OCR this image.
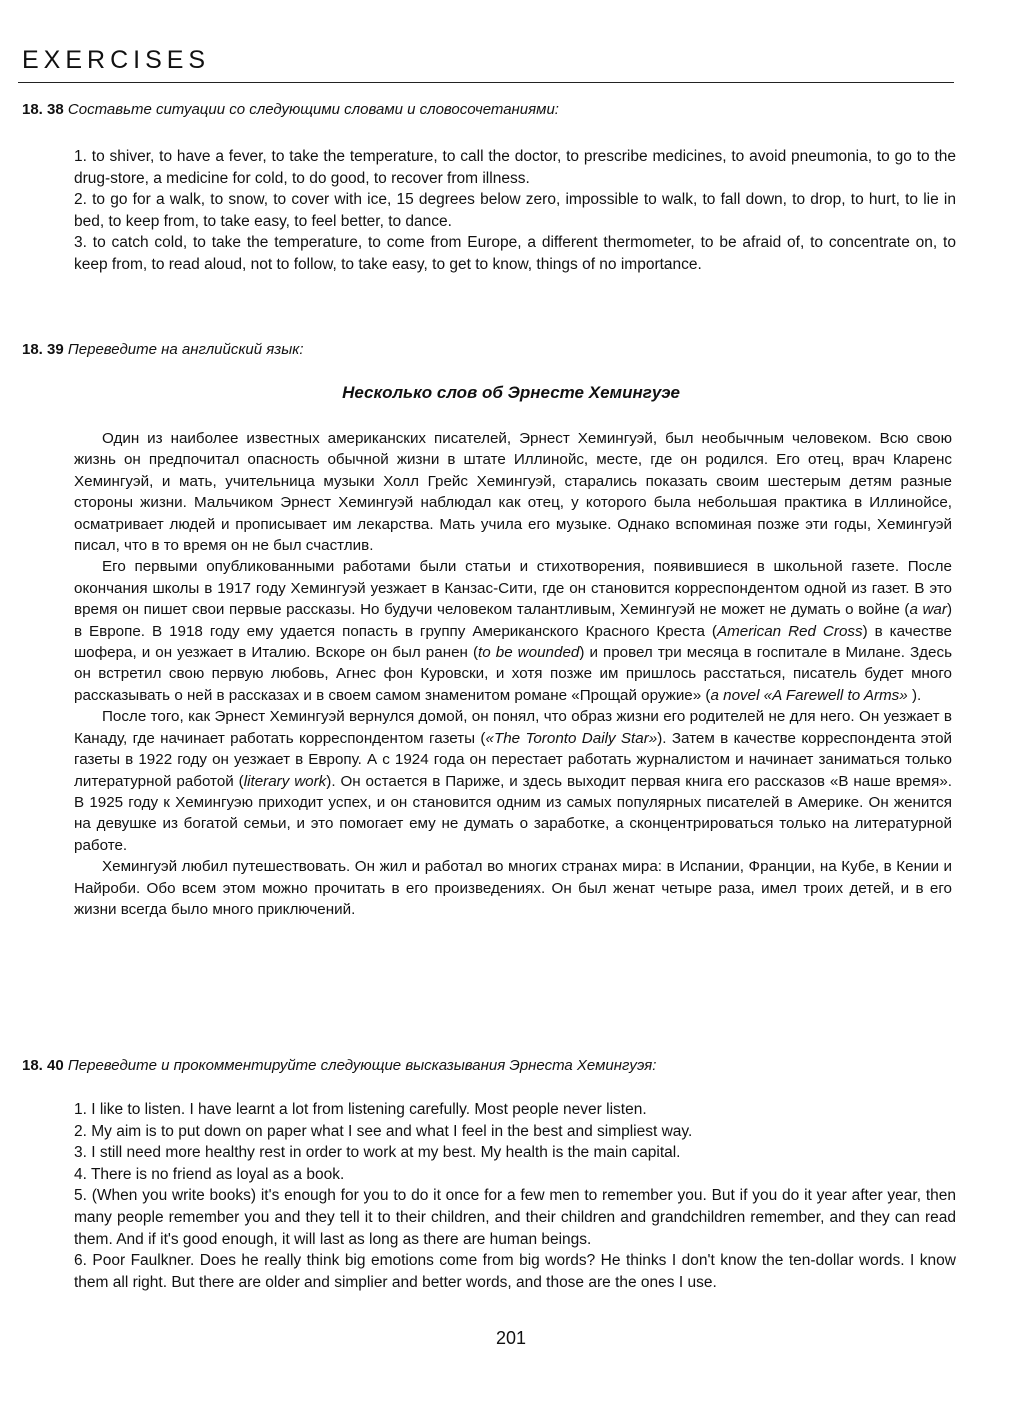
EXERCISES
18. 38 Составьте ситуации со следующими словами и словосочетаниями:

1. to shiver, to have a fever, to take the temperature, to call the doctor, to prescribe medicines, to avoid pneumonia, to go to the drug-store, a medicine for cold, to do good, to recover from illness.

2. to go for a walk, to snow, to cover with ice, 15 degrees below zero, impossible to walk, to fall down, to drop, to hurt, to lie in bed, to keep from, to take easy, to feel better, to dance.

3. to catch cold, to take the temperature, to come from Europe, a different thermometer, to be afraid of, to concentrate on, to keep from, to read aloud, not to follow, to take easy, to get to know, things of no importance.

18. 39 Переведите на английский язык:
Несколько слов об Эрнесте Хемингуэе

Один из наиболее известных американских писателей, Эрнест Хемингуэй, был необычным человеком. Всю свою жизнь он предпочитал опасность обычной жизни в штате Иллинойс, месте, где он родился. Его отец, врач Кларенс Хемингуэй, и мать, учительница музыки Холл Грейс Хемингуэй, старались показать своим шестерым детям разные стороны жизни. Мальчиком Эрнест Хемингуэй наблюдал как отец, у которого была небольшая практика в Иллинойсе, осматривает людей и прописывает им лекарства. Мать учила его музыке. Однако вспоминая позже эти годы, Хемингуэй писал, что в то время он не был счастлив.

Его первыми опубликованными работами были статьи и стихотворения, появившиеся в школьной газете. После окончания школы в 1917 году Хемингуэй уезжает в Канзас-Сити, где он становится корреспондентом одной из газет. В это время он пишет свои первые рассказы. Но будучи человеком талантливым, Хемингуэй не может не думать о войне (a war) в Европе. В 1918 году ему удается попасть в группу Американского Красного Креста (American Red Cross) в качестве шофера, и он уезжает в Италию. Вскоре он был ранен (to be wounded) и провел три месяца в госпитале в Милане. Здесь он встретил свою первую любовь, Агнес фон Куровски, и хотя позже им пришлось расстаться, писатель будет много рассказывать о ней в рассказах и в своем самом знаменитом романе «Прощай оружие» (a novel «A Farewell to Arms» ).

После того, как Эрнест Хемингуэй вернулся домой, он понял, что образ жизни его родителей не для него. Он уезжает в Канаду, где начинает работать корреспондентом газеты («The Toronto Daily Star»). Затем в качестве корреспондента этой газеты в 1922 году он уезжает в Европу. А с 1924 года он перестает работать журналистом и начинает заниматься только литературной работой (literary work). Он остается в Париже, и здесь выходит первая книга его рассказов «В наше время». В 1925 году к Хемингуэю приходит успех, и он становится одним из самых популярных писателей в Америке. Он женится на девушке из богатой семьи, и это помогает ему не думать о заработке, а сконцентрироваться только на литературной работе.

Хемингуэй любил путешествовать. Он жил и работал во многих странах мира: в Испании, Франции, на Кубе, в Кении и Найроби. Обо всем этом можно прочитать в его произведениях. Он был женат четыре раза, имел троих детей, и в его жизни всегда было много приключений.

18. 40 Переведите и прокомментируйте следующие высказывания Эрнеста Хемингуэя:

1. I like to listen. I have learnt a lot from listening carefully. Most people never listen.

2. My aim is to put down on paper what I see and what I feel in the best and simpliest way.

3. I still need more healthy rest in order to work at my best. My health is the main capital.

4. There is no friend as loyal as a book.

5. (When you write books) it's enough for you to do it once for a few men to remember you. But if you do it year after year, then many people remember you and they tell it to their children, and their children and grandchildren remember, and they can read them. And if it's good enough, it will last as long as there are human beings.

6. Poor Faulkner. Does he really think big emotions come from big words? He thinks I don't know the ten-dollar words. I know them all right. But there are older and simplier and better words, and those are the ones I use.

201
